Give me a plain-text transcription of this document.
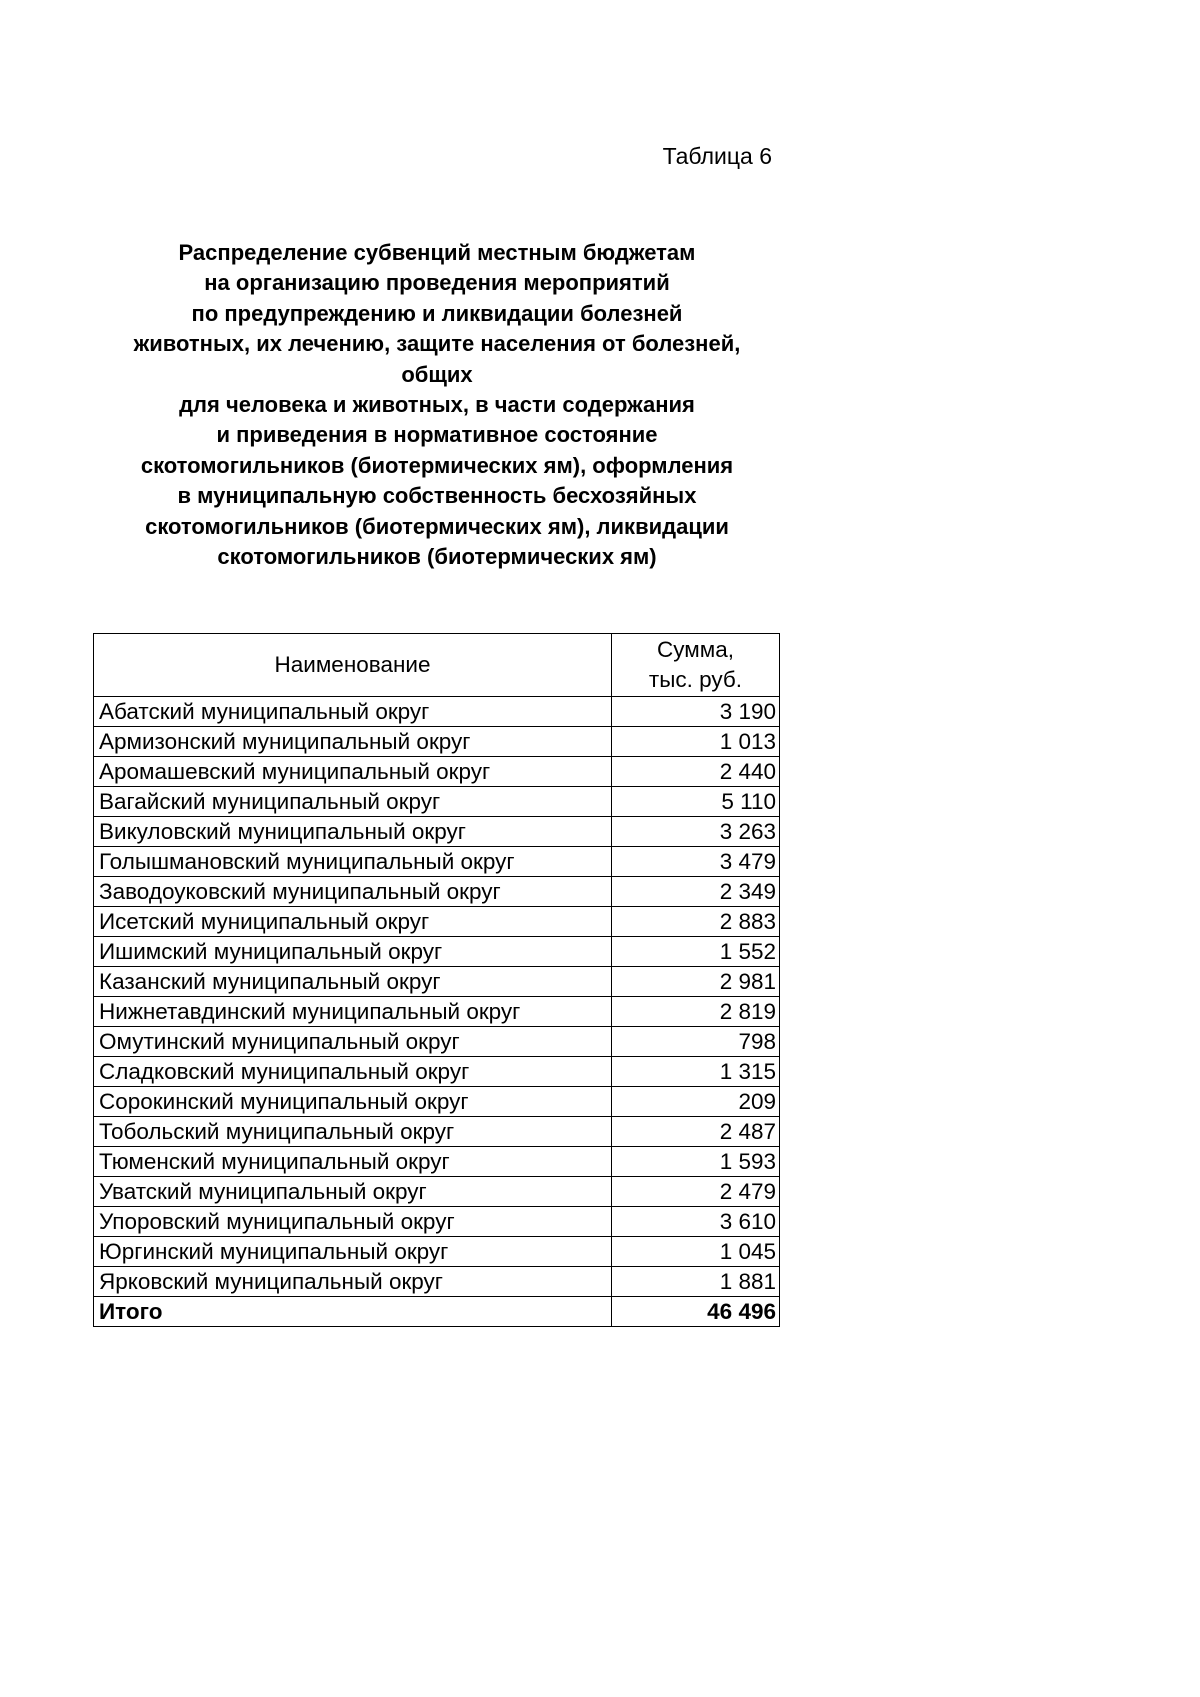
Таблица 6
Распределение субвенций местным бюджетам
на организацию проведения мероприятий
по предупреждению и ликвидации болезней
животных, их лечению, защите населения от болезней,
общих
для человека и животных, в части содержания
и приведения в нормативное состояние
скотомогильников (биотермических ям), оформления
в муниципальную собственность бесхозяйных
скотомогильников (биотермических ям), ликвидации
скотомогильников (биотермических ям)
Наименование	Сумма,
тыс. руб.

Абатский муниципальный округ	3 190
Армизонский муниципальный округ	1 013
Аромашевский муниципальный округ	2 440
Вагайский муниципальный округ	5 110
Викуловский муниципальный округ	3 263
Голышмановский муниципальный округ	3 479
Заводоуковский муниципальный округ	2 349
Исетский муниципальный округ	2 883
Ишимский муниципальный округ	1 552
Казанский муниципальный округ	2 981
Нижнетавдинский муниципальный округ	2 819
Омутинский муниципальный округ	798
Сладковский муниципальный округ	1 315
Сорокинский муниципальный округ	209
Тобольский муниципальный округ	2 487
Тюменский муниципальный округ	1 593
Уватский муниципальный округ	2 479
Упоровский муниципальный округ	3 610
Юргинский муниципальный округ	1 045
Ярковский муниципальный округ	1 881
Итого	46 496
